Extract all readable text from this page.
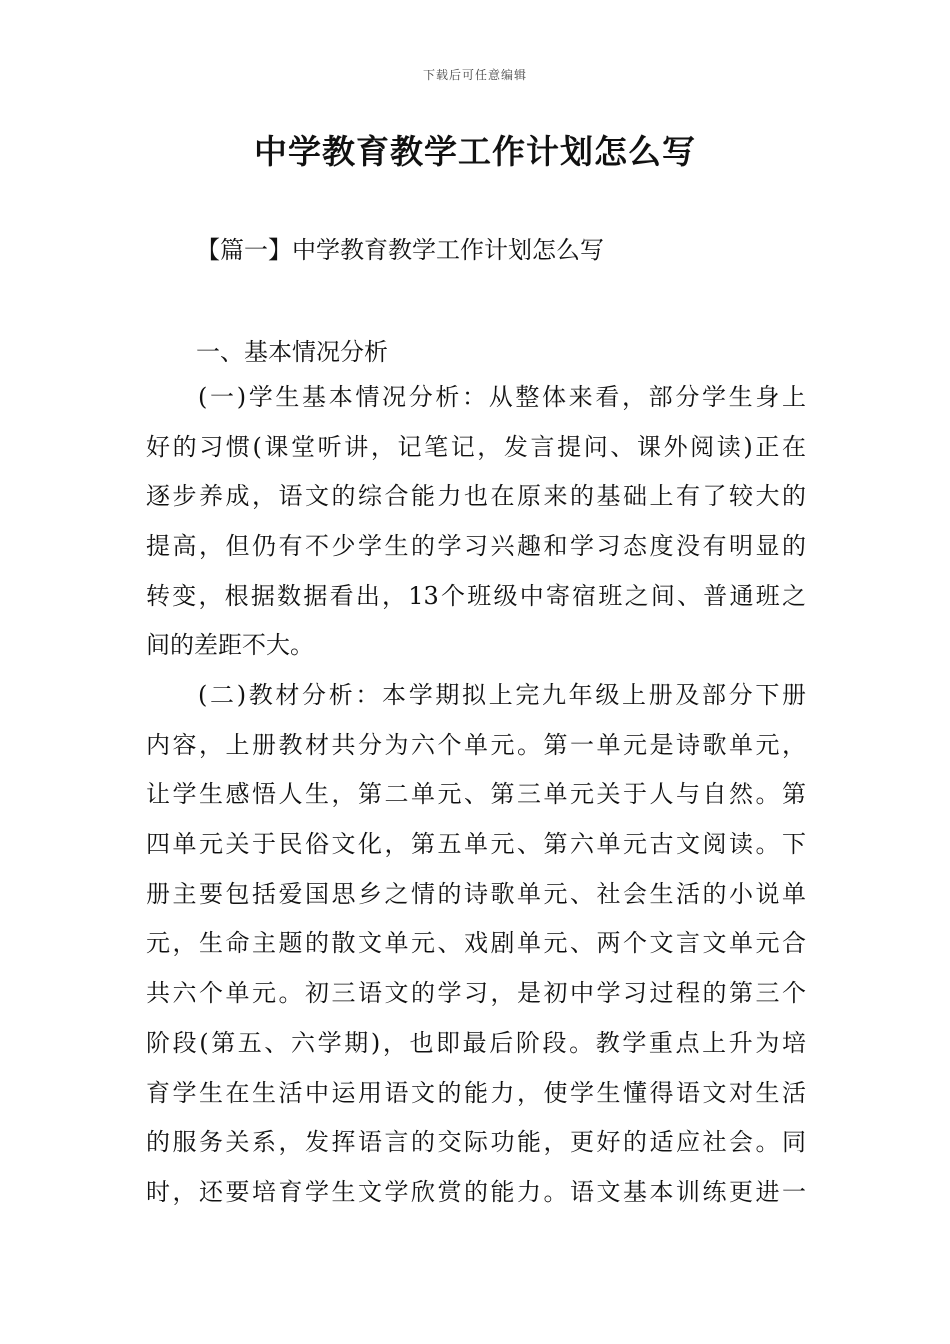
下载后可任意编辑
中学教育教学工作计划怎么写
【篇一】中学教育教学工作计划怎么写
一、基本情况分析
(一)学生基本情况分析：从整体来看，部分学生身上
好的习惯(课堂听讲，记笔记，发言提问、课外阅读)正在
逐步养成，语文的综合能力也在原来的基础上有了较大的
提高，但仍有不少学生的学习兴趣和学习态度没有明显的
转变，根据数据看出，13个班级中寄宿班之间、普通班之
间的差距不大。
(二)教材分析：本学期拟上完九年级上册及部分下册
内容，上册教材共分为六个单元。第一单元是诗歌单元，
让学生感悟人生，第二单元、第三单元关于人与自然。第
四单元关于民俗文化，第五单元、第六单元古文阅读。下
册主要包括爱国思乡之情的诗歌单元、社会生活的小说单
元，生命主题的散文单元、戏剧单元、两个文言文单元合
共六个单元。初三语文的学习，是初中学习过程的第三个
阶段(第五、六学期)，也即最后阶段。教学重点上升为培
育学生在生活中运用语文的能力，使学生懂得语文对生活
的服务关系，发挥语言的交际功能，更好的适应社会。同
时，还要培育学生文学欣赏的能力。语文基本训练更进一
